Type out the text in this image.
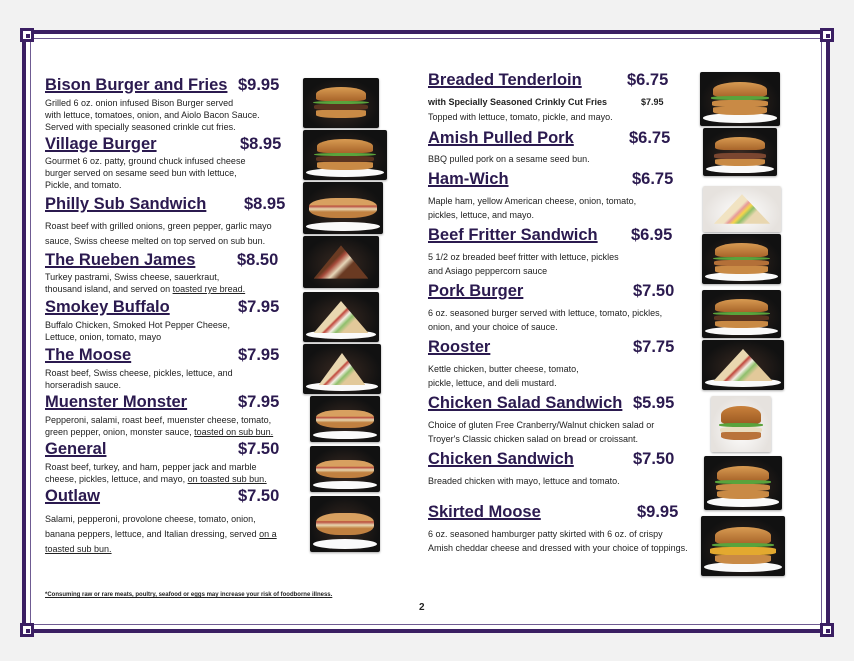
Bison Burger and Fries $9.95
Grilled 6 oz. onion infused Bison Burger served
with lettuce, tomatoes, onion, and Aiolo Bacon Sauce.
Served with specially seasoned crinkle cut fries.
Village Burger	$8.95
Gourmet 6 oz. patty, ground chuck infused cheese
burger served on sesame seed bun with lettuce,
Pickle, and tomato.
Philly Sub Sandwich $8.95
Roast beef with grilled onions, green pepper, garlic mayo
sauce, Swiss cheese melted on top served on sub bun.
The Rueben James	$8.50
Turkey pastrami, Swiss cheese, sauerkraut,
thousand island, and served on toasted rye bread.
Smokey Buffalo	$7.95
Buffalo Chicken, Smoked Hot Pepper Cheese,
Lettuce, onion, tomato, mayo
The Moose	$7.95
Roast beef, Swiss cheese, pickles, lettuce, and
horseradish sauce.
Muenster Monster	$7.95
Pepperoni, salami, roast beef, muenster cheese, tomato,
green pepper, onion, monster sauce, toasted on sub bun.
General	$7.50
Roast beef, turkey, and ham, pepper jack and marble
cheese, pickles, lettuce, and mayo, on toasted sub bun.
Outlaw	$7.50
Salami, pepperoni, provolone cheese, tomato, onion,
banana peppers, lettuce, and Italian dressing, served on a
toasted sub bun.
Breaded Tenderloin	$6.75
with Specially Seasoned Crinkly Cut Fries	$7.95
Topped with lettuce, tomato, pickle, and mayo.
Amish Pulled Pork	$6.75
BBQ pulled pork on a sesame seed bun.
Ham-Wich	$6.75
Maple ham, yellow American cheese, onion, tomato,
pickles, lettuce, and mayo.
Beef Fritter Sandwich $6.95
5 1/2 oz breaded beef fritter with lettuce, pickles
and Asiago peppercorn sauce
Pork Burger	$7.50
6 oz. seasoned burger served with lettuce, tomato, pickles,
onion, and your choice of sauce.
Rooster	$7.75
Kettle chicken, butter cheese, tomato,
pickle, lettuce, and deli mustard.
Chicken Salad Sandwich $5.95
Choice of gluten Free Cranberry/Walnut chicken salad or
Troyer's Classic chicken salad on bread or croissant.
Chicken Sandwich	$7.50
Breaded chicken with mayo, lettuce and tomato.
Skirted Moose	$9.95
6 oz. seasoned hamburger patty skirted with 6 oz. of crispy
Amish cheddar cheese and dressed with your choice of toppings.
*Consuming raw or rare meats, poultry, seafood or eggs may increase your risk of foodborne illness.
2
